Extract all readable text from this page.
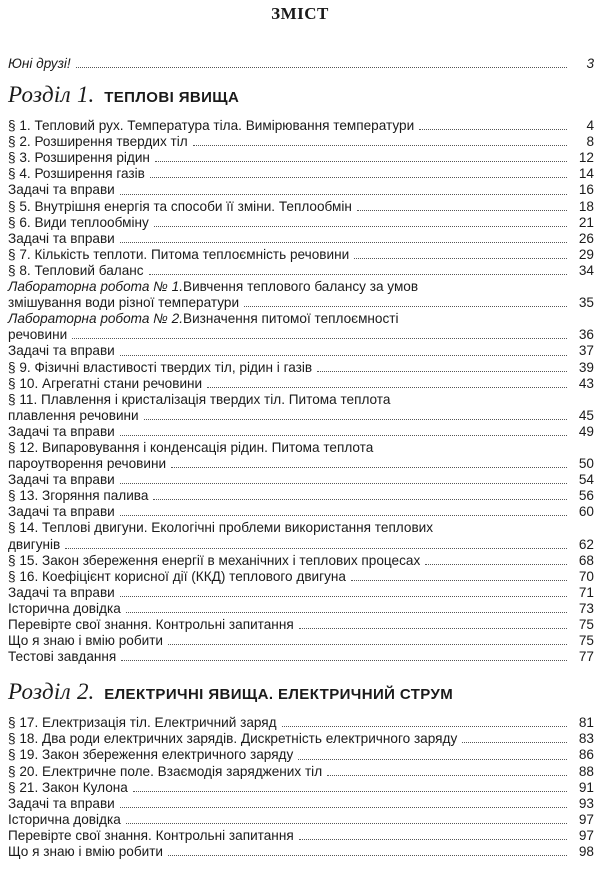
ЗМІСТ
Юні друзі!	3
Розділ 1. ТЕПЛОВІ ЯВИЩА
§ 1. Тепловий рух. Температура тіла. Вимірювання температури	4
§ 2. Розширення твердих тіл	8
§ 3. Розширення рідин	12
§ 4. Розширення газів	14
Задачі та вправи	16
§ 5. Внутрішня енергія та способи її зміни. Теплообмін	18
§ 6. Види теплообміну	21
Задачі та вправи	26
§ 7. Кількість теплоти. Питома теплоємність речовини	29
§ 8. Тепловий баланс	34
Лабораторна робота № 1. Вивчення теплового балансу за умов
змішування води різної температури	35
Лабораторна робота № 2. Визначення питомої теплоємності
речовини	36
Задачі та вправи	37
§ 9. Фізичні властивості твердих тіл, рідин і газів	39
§ 10. Агрегатні стани речовини	43
§ 11. Плавлення і кристалізація твердих тіл. Питома теплота
плавлення речовини	45
Задачі та вправи	49
§ 12. Випаровування і конденсація рідин. Питома теплота
пароутворення речовини	50
Задачі та вправи	54
§ 13. Згоряння палива	56
Задачі та вправи	60
§ 14. Теплові двигуни. Екологічні проблеми використання теплових
двигунів	62
§ 15. Закон збереження енергії в механічних і теплових процесах	68
§ 16. Коефіцієнт корисної дії (ККД) теплового двигуна	70
Задачі та вправи	71
Історична довідка	73
Перевірте свої знання. Контрольні запитання	75
Що я знаю і вмію робити	75
Тестові завдання	77
Розділ 2. ЕЛЕКТРИЧНІ ЯВИЩА. ЕЛЕКТРИЧНИЙ СТРУМ
§ 17. Електризація тіл. Електричний заряд	81
§ 18. Два роди електричних зарядів. Дискретність електричного заряду	83
§ 19. Закон збереження електричного заряду	86
§ 20. Електричне поле. Взаємодія заряджених тіл	88
§ 21. Закон Кулона	91
Задачі та вправи	93
Історична довідка	97
Перевірте свої знання. Контрольні запитання	97
Що я знаю і вмію робити	98
